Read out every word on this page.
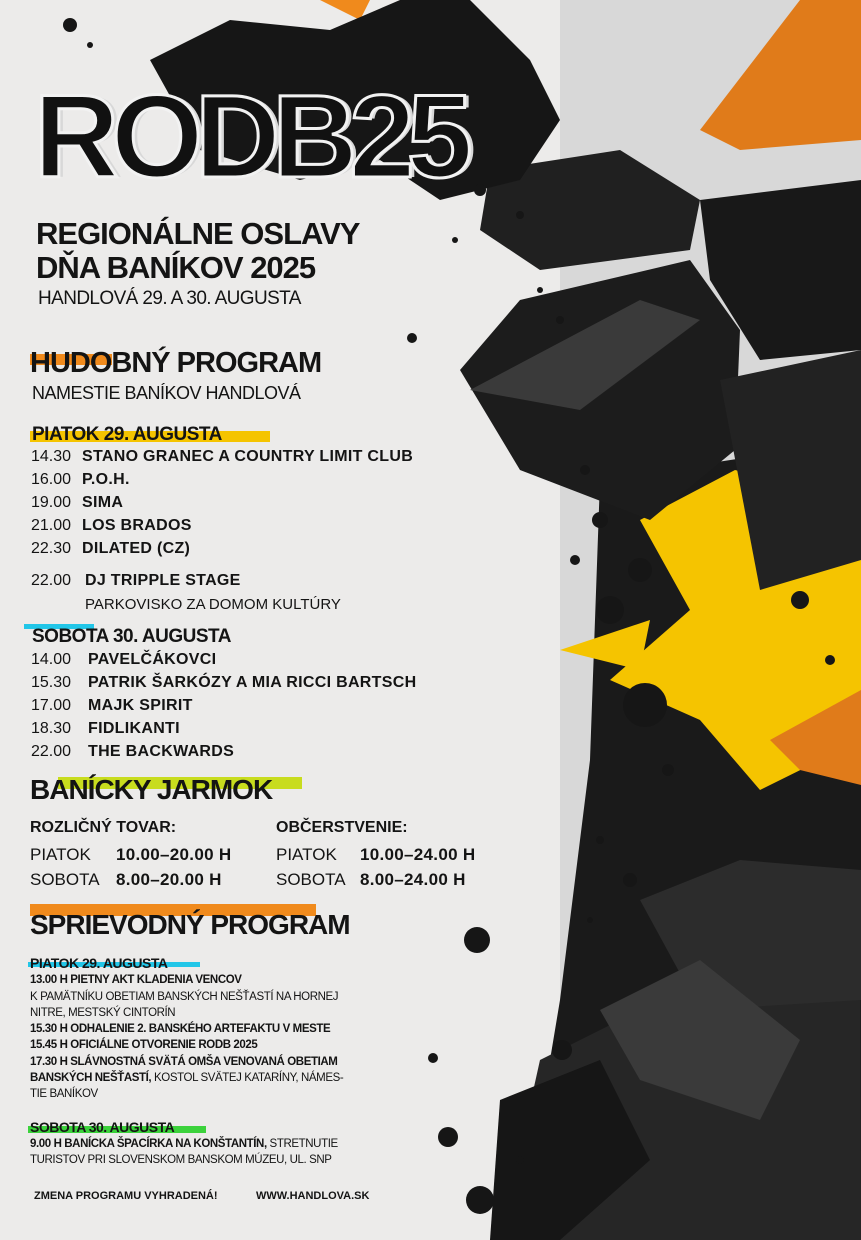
RODB25
REGIONÁLNE OSLAVY
DŇA BANÍKOV 2025
HANDLOVÁ 29. A 30. AUGUSTA
HUDOBNÝ PROGRAM
NAMESTIE BANÍKOV HANDLOVÁ
PIATOK 29. AUGUSTA
14.30 STANO GRANEC A COUNTRY LIMIT CLUB
16.00 P.O.H.
19.00 SIMA
21.00 LOS BRADOS
22.30 DILATED (CZ)
22.00 DJ TRIPPLE STAGE
PARKOVISKO ZA DOMOM KULTÚRY
SOBOTA 30. AUGUSTA
14.00 PAVELČÁKOVCI
15.30 PATRIK ŠARKÓZY A MIA RICCI BARTSCH
17.00 MAJK SPIRIT
18.30 FIDLIKANTI
22.00 THE BACKWARDS
BANÍCKY JARMOK
ROZLIČNÝ TOVAR:	OBČERSTVENIE:
PIATOK 10.00–20.00 H
SOBOTA 8.00–20.00 H
PIATOK 10.00–24.00 H
SOBOTA 8.00–24.00 H
SPRIEVODNÝ PROGRAM
PIATOK 29. AUGUSTA
13.00 H PIETNY AKT KLADENIA VENCOV
K PAMÄTNÍKU OBETIAM BANSKÝCH NEŠŤASTÍ NA HORNEJ
NITRE, MESTSKÝ CINTORÍN
15.30 H ODHALENIE 2. BANSKÉHO ARTEFAKTU V MESTE
15.45 H OFICIÁLNE OTVORENIE RODB 2025
17.30 H SLÁVNOSTNÁ SVÄTÁ OMŠA VENOVANÁ OBETIAM
BANSKÝCH NEŠŤASTÍ, KOSTOL SVÄTEJ KATARÍNY, NÁMES-
TIE BANÍKOV
SOBOTA 30. AUGUSTA
9.00 H BANÍCKA ŠPACÍRKA NA KONŠTANTÍN, STRETNUTIE
TURISTOV PRI SLOVENSKOM BANSKOM MÚZEU, UL. SNP
ZMENA PROGRAMU VYHRADENÁ!	WWW.HANDLOVA.SK
